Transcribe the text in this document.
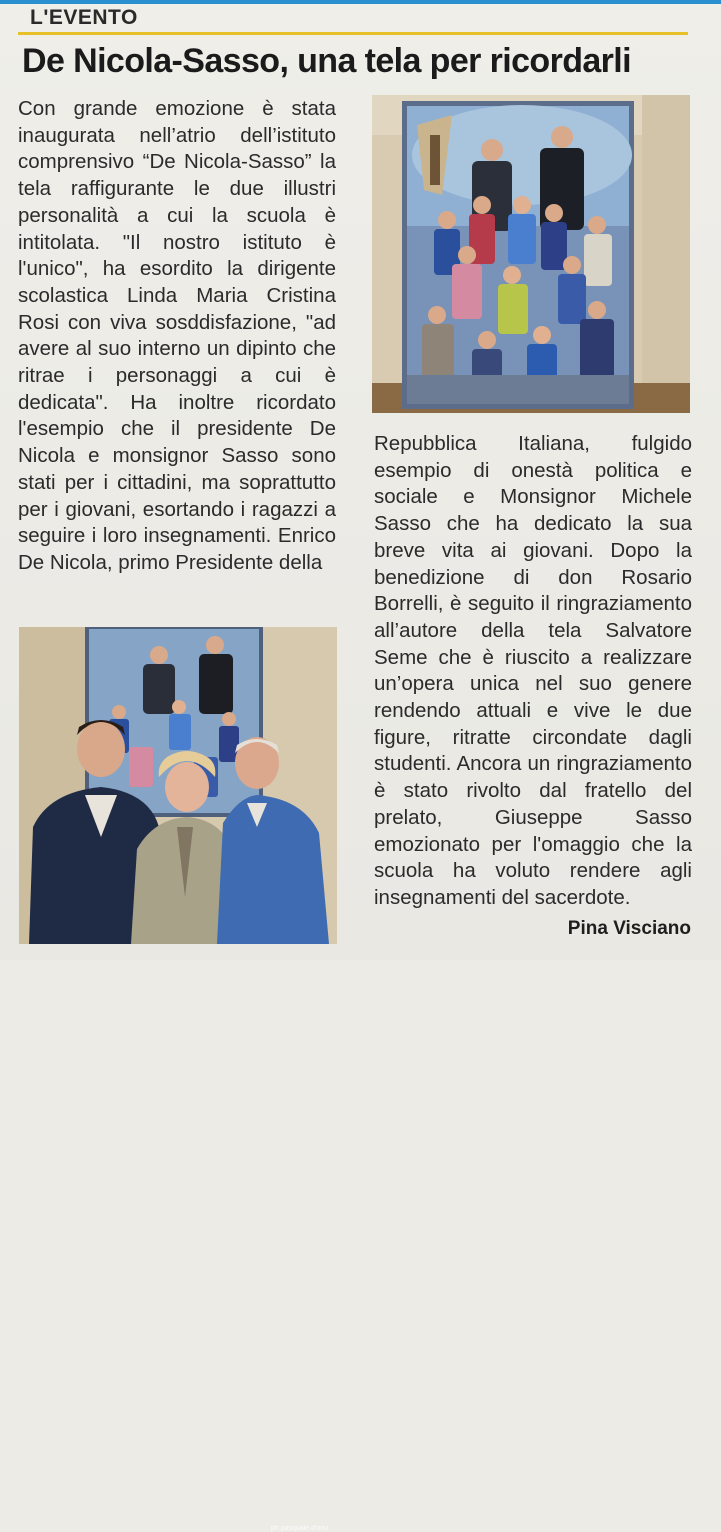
L'EVENTO
De Nicola-Sasso, una tela per ricordarli

Con grande emozione è stata inaugurata nell’atrio dell’istituto comprensivo “De Nicola-Sasso” la tela raffigurante le due illustri personalità a cui la scuola è intitolata. "Il nostro istituto è l'unico", ha esordito la dirigente scolastica Linda Maria Cristina Rosi con viva sosddisfazione, "ad avere al suo interno un dipinto che ritrae i personaggi a cui è dedicata". Ha inoltre ricordato l'esempio che il presidente De Nicola e monsignor Sasso sono stati per i cittadini, ma soprattutto per i giovani, esortando i ragazzi a seguire i loro insegnamenti. Enrico De Nicola, primo Presidente della

ph pasquale d'oriu

Repubblica Italiana, fulgido esempio di onestà politica e sociale e Monsignor Michele Sasso che ha dedicato la sua breve vita ai giovani. Dopo la benedizione di don Rosario Borrelli, è seguito il ringraziamento all’autore della tela Salvatore Seme che è riuscito a realizzare un’opera unica nel suo genere rendendo attuali e vive le due figure, ritratte circondate dagli studenti. Ancora un ringraziamento è stato rivolto dal fratello del prelato, Giuseppe Sasso emozionato per l'omaggio che la scuola ha voluto rendere agli insegnamenti del sacerdote.

Pina Visciano
